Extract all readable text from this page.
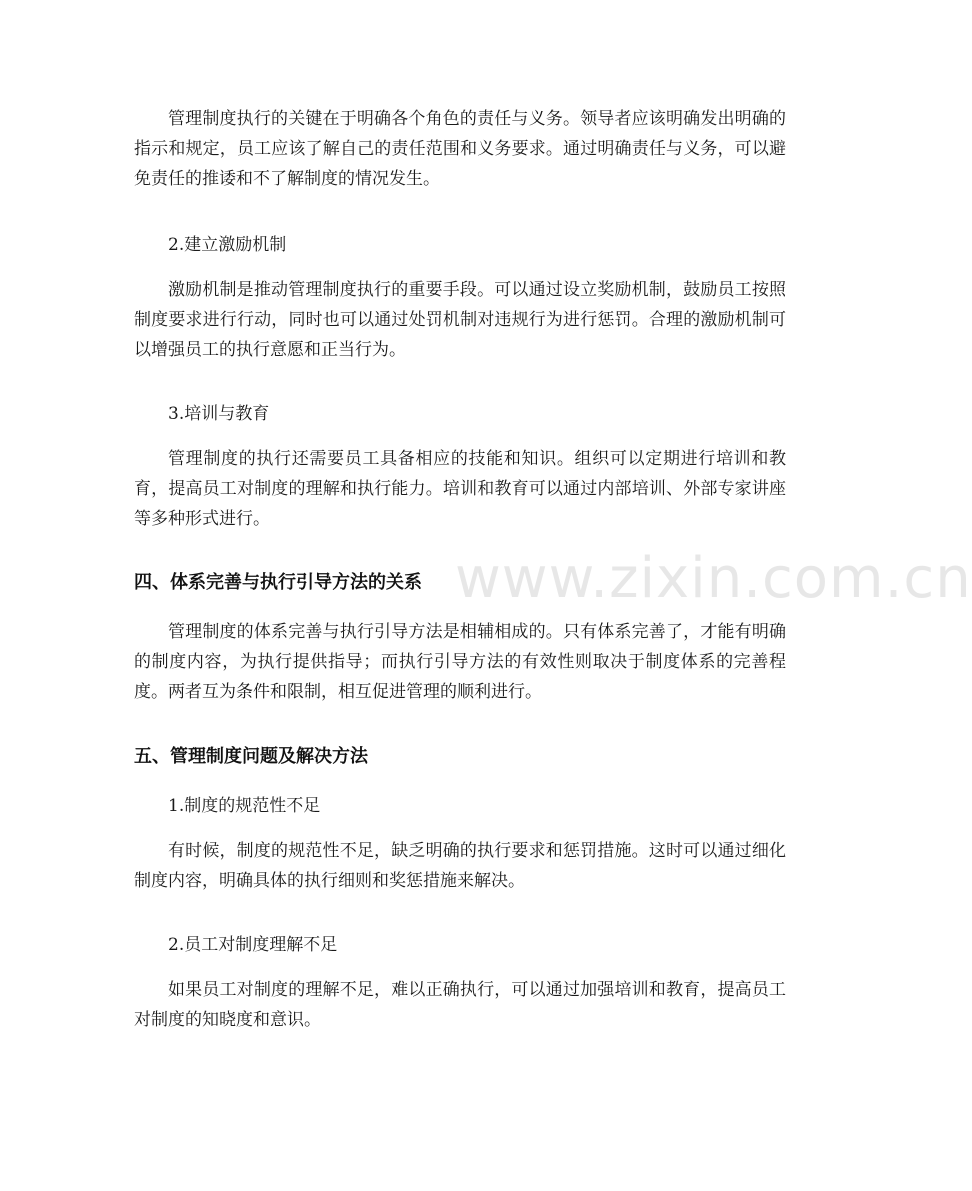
管理制度执行的关键在于明确各个角色的责任与义务。领导者应该明确发出明确的指示和规定，员工应该了解自己的责任范围和义务要求。通过明确责任与义务，可以避免责任的推诿和不了解制度的情况发生。

2.建立激励机制

激励机制是推动管理制度执行的重要手段。可以通过设立奖励机制，鼓励员工按照制度要求进行行动，同时也可以通过处罚机制对违规行为进行惩罚。合理的激励机制可以增强员工的执行意愿和正当行为。

3.培训与教育

管理制度的执行还需要员工具备相应的技能和知识。组织可以定期进行培训和教育，提高员工对制度的理解和执行能力。培训和教育可以通过内部培训、外部专家讲座等多种形式进行。

四、体系完善与执行引导方法的关系

管理制度的体系完善与执行引导方法是相辅相成的。只有体系完善了，才能有明确的制度内容，为执行提供指导；而执行引导方法的有效性则取决于制度体系的完善程度。两者互为条件和限制，相互促进管理的顺利进行。

五、管理制度问题及解决方法

1.制度的规范性不足

有时候，制度的规范性不足，缺乏明确的执行要求和惩罚措施。这时可以通过细化制度内容，明确具体的执行细则和奖惩措施来解决。

2.员工对制度理解不足

如果员工对制度的理解不足，难以正确执行，可以通过加强培训和教育，提高员工对制度的知晓度和意识。

www.zixin.com.cn
